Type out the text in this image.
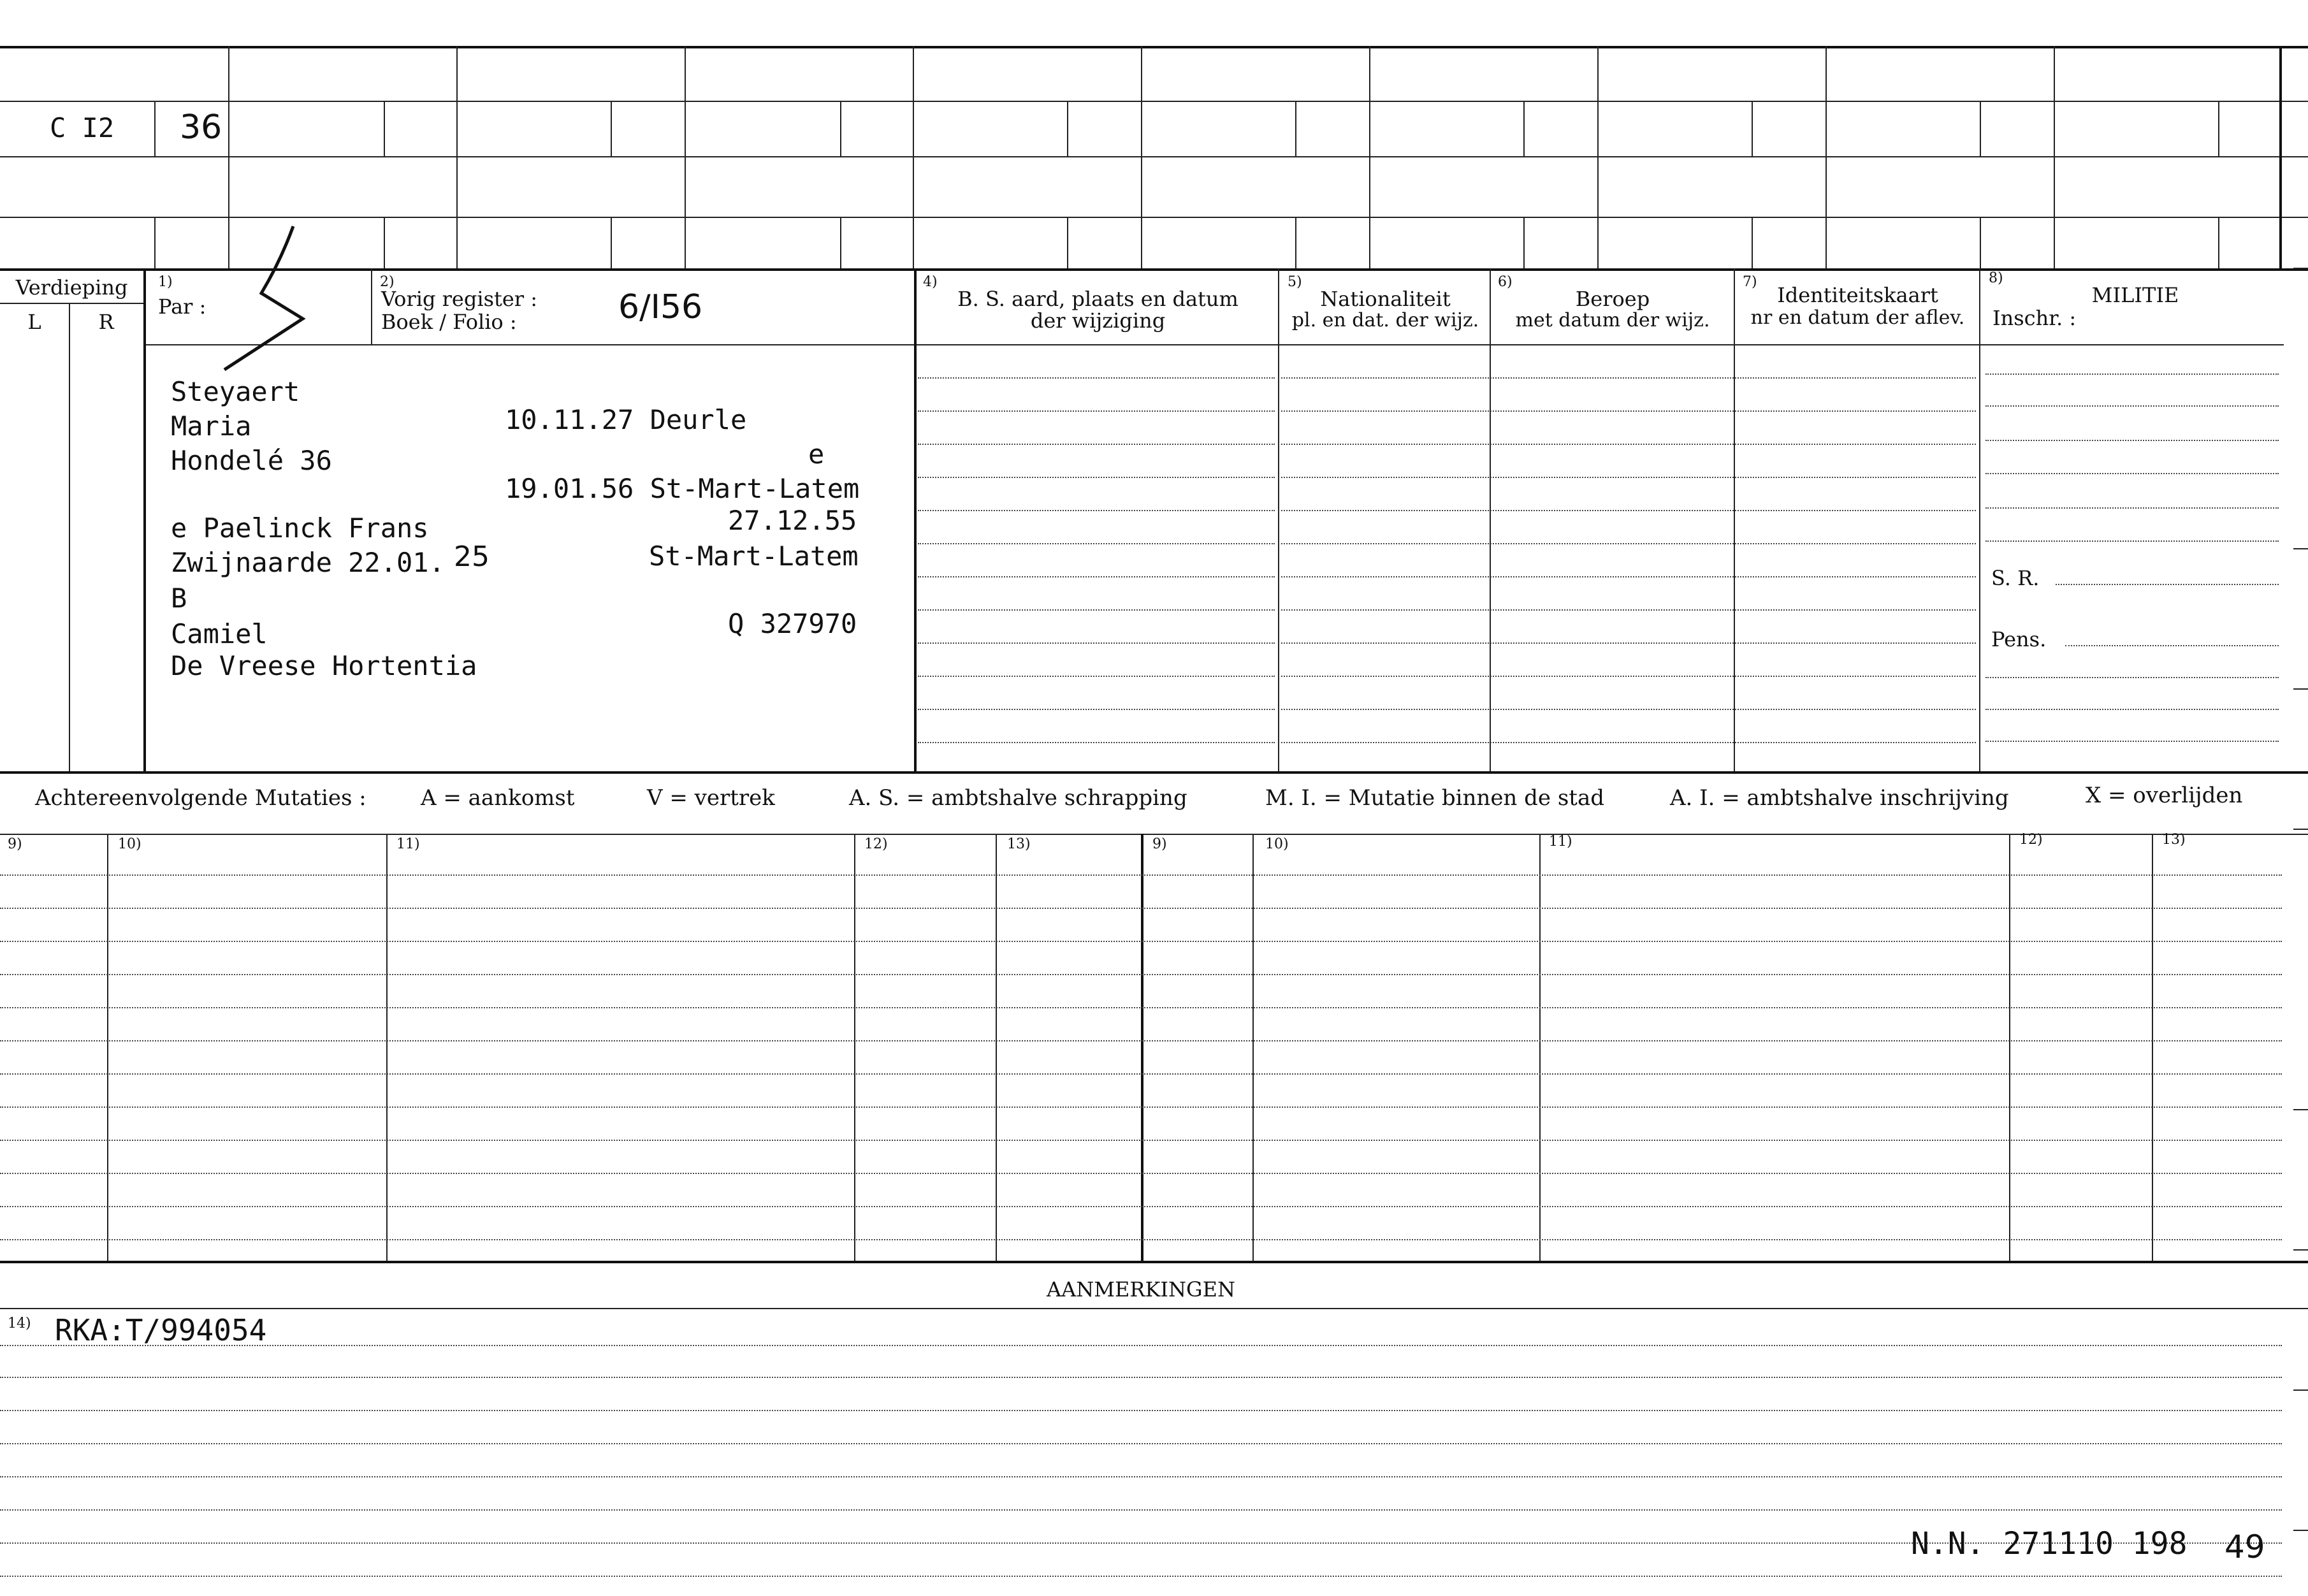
C I2 36
Verdieping
L	R
1)
Par :
2)
Vorig register :
Boek / Folio :	6/I56
4)
B. S. aard, plaats en datum
der wijziging
5)
Nationaliteit
pl. en dat. der wijz.
6)
Beroep
met datum der wijz.
7)
Identiteitskaart
nr en datum der aflev.
8)
MILITIE
Inschr. :
S. R.
Pens.
Steyaert
Maria
Hondelé 36
10.11.27 Deurle
e
19.01.56 St-Mart-Latem
e Paelinck Frans	27.12.55
Zwijnaarde 22.01. 25	St-Mart-Latem
B
Camiel	Q 327970
De Vreese Hortentia
Achtereenvolgende Mutaties :	A = aankomst	V = vertrek	A. S. = ambtshalve schrapping	M. I. = Mutatie binnen de stad	A. I. = ambtshalve inschrijving	X = overlijden
9)	10)	11)	12)	13)	9)	10)	11)	12)	13)
AANMERKINGEN
14) RKA:T/994054
N.N. 271110 198 49
